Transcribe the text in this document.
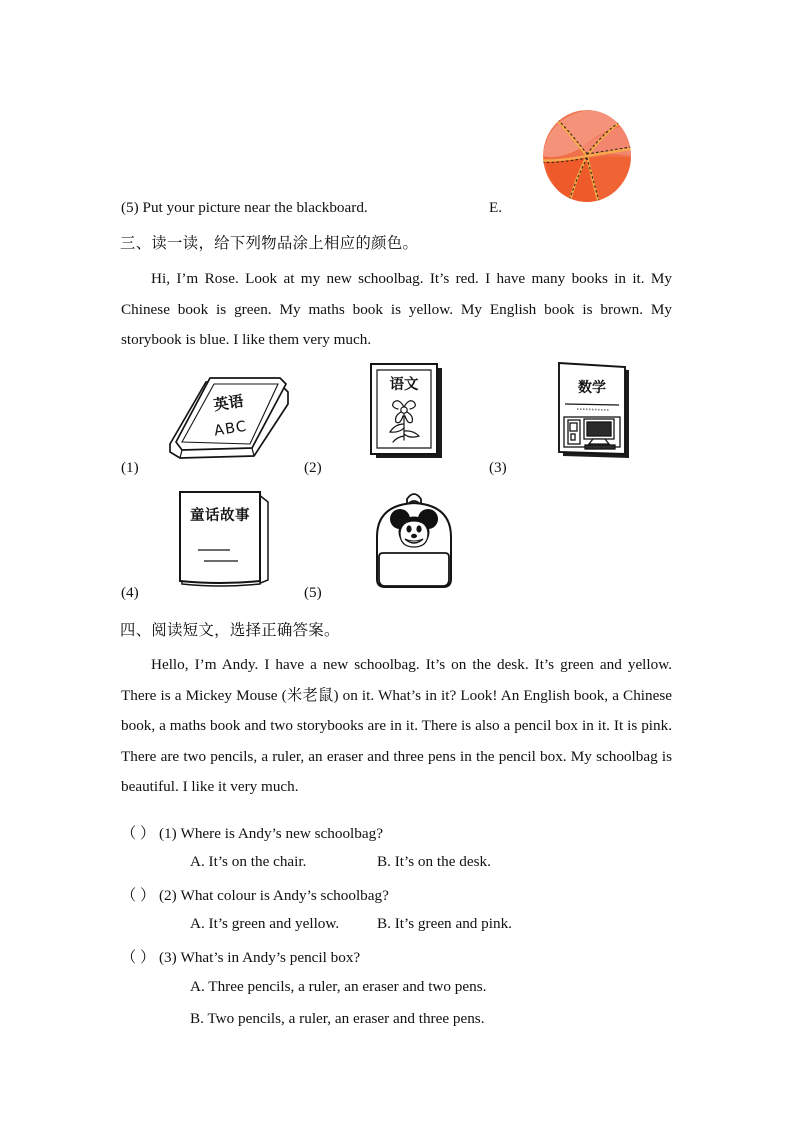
(5) Put your picture near the blackboard.	E.
三、读一读，给下列物品涂上相应的颜色。
Hi, I’m Rose. Look at my new schoolbag. It’s red. I have many books in it. My Chinese book is green. My maths book is yellow. My English book is brown. My storybook is blue. I like them very much.
英语
ABC
(1)
语文
(2)
数学
(3)
童话故事
(4)	(5)
四、阅读短文，选择正确答案。
Hello, I’m Andy. I have a new schoolbag. It’s on the desk. It’s green and yellow. There is a Mickey Mouse (米老鼠) on it. What’s in it? Look! An English book, a Chinese book, a maths book and two storybooks are in it. There is also a pencil box in it. It is pink. There are two pencils, a ruler, an eraser and three pens in the pencil box. My schoolbag is beautiful. I like it very much.
（ ） (1) Where is Andy’s new schoolbag?
A. It’s on the chair.	B. It’s on the desk.
（ ） (2) What colour is Andy’s schoolbag?
A. It’s green and yellow. B. It’s green and pink.
（ ） (3) What’s in Andy’s pencil box?
A. Three pencils, a ruler, an eraser and two pens.
B. Two pencils, a ruler, an eraser and three pens.
